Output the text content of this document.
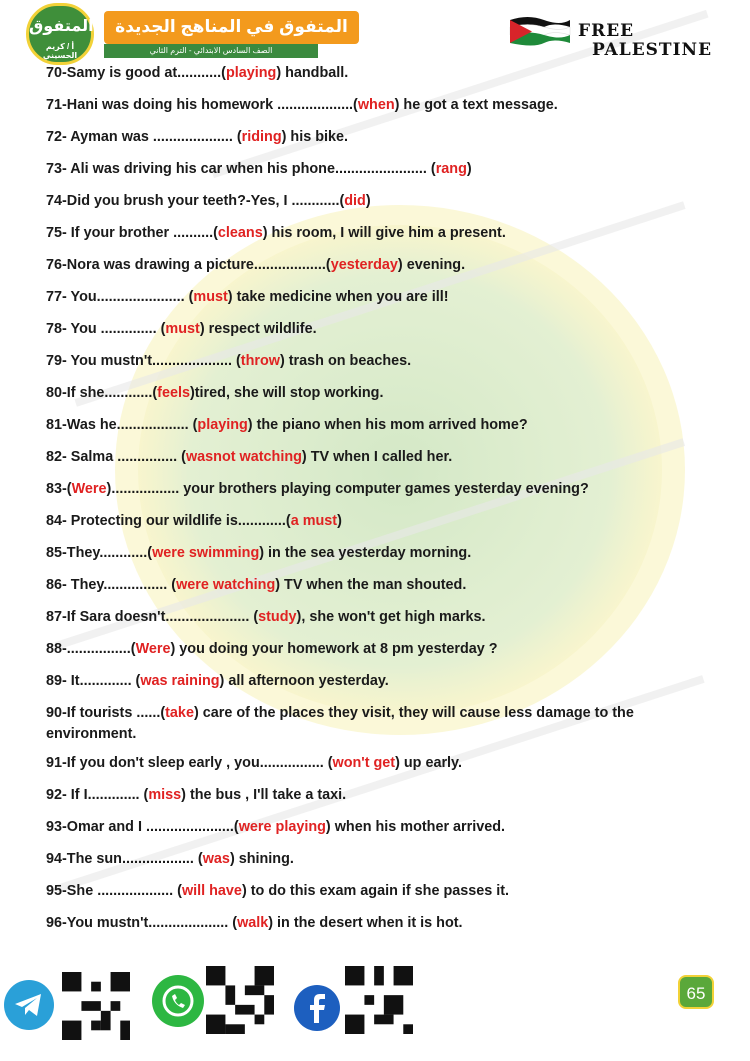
المتفوق
أ / كريم الحسيني
المتفوق في المناهج الجديدة
الصف السادس الابتدائي - الترم الثاني
FREE
PALESTINE
70-Samy is good at...........(playing) handball.
71-Hani was doing his homework ...................(when) he got a text message.
72- Ayman was .................... (riding) his bike.
73- Ali was driving his car when his phone....................... (rang)
74-Did you brush your teeth?-Yes, I ............(did)
75- If your brother ..........(cleans) his room, I will give him a present.
76-Nora was drawing a picture..................(yesterday) evening.
77- You...................... (must) take medicine when you are ill!
78- You .............. (must) respect wildlife.
79- You mustn't.................... (throw) trash on beaches.
80-If she............(feels)tired, she will stop working.
81-Was he.................. (playing) the piano when his mom arrived home?
82- Salma ............... (wasnot watching) TV when I called her.
83-(Were)................. your brothers playing computer games yesterday evening?
84- Protecting our wildlife is............(a must)
85-They............(were swimming) in the sea yesterday morning.
86- They................ (were watching) TV when the man shouted.
87-If Sara doesn't..................... (study), she won't get high marks.
88-................(Were) you doing your homework at 8 pm yesterday ?
89- It............. (was raining) all afternoon yesterday.
90-If tourists ......(take) care of the places they visit, they will cause less damage to the environment.
91-If you don't sleep early , you................ (won't get) up early.
92- If I............. (miss) the bus , I'll take a taxi.
93-Omar and I ......................(were playing) when his mother arrived.
94-The sun.................. (was) shining.
95-She ................... (will have) to do this exam again if she passes it.
96-You mustn't.................... (walk) in the desert when it is hot.
65
